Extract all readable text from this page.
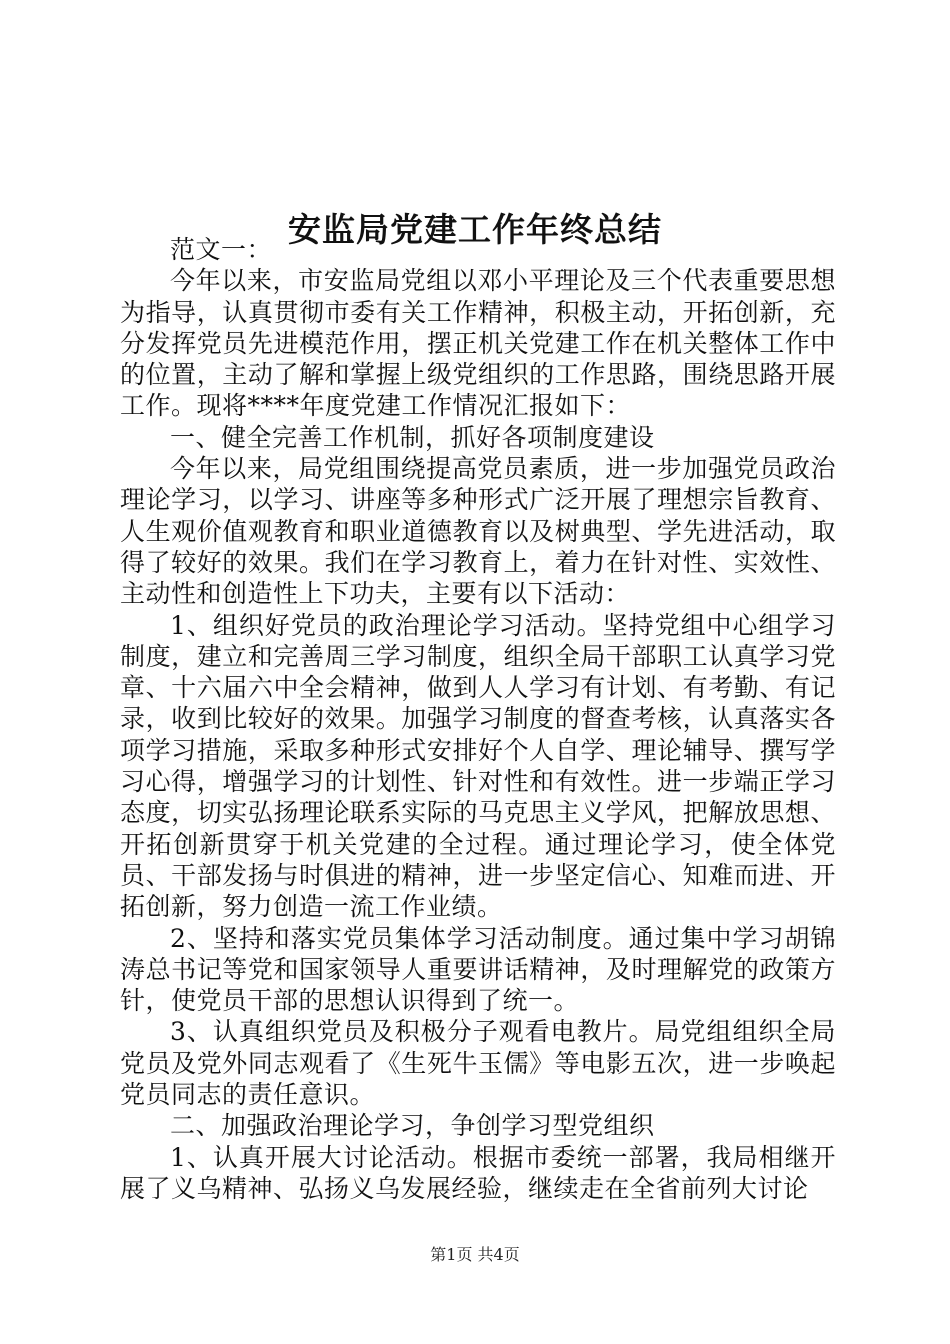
安监局党建工作年终总结

范文一：

今年以来，市安监局党组以邓小平理论及三个代表重要思想为指导，认真贯彻市委有关工作精神，积极主动，开拓创新，充分发挥党员先进模范作用，摆正机关党建工作在机关整体工作中的位置，主动了解和掌握上级党组织的工作思路，围绕思路开展工作。现将****年度党建工作情况汇报如下：

一、健全完善工作机制，抓好各项制度建设

今年以来，局党组围绕提高党员素质，进一步加强党员政治理论学习，以学习、讲座等多种形式广泛开展了理想宗旨教育、人生观价值观教育和职业道德教育以及树典型、学先进活动，取得了较好的效果。我们在学习教育上，着力在针对性、实效性、主动性和创造性上下功夫，主要有以下活动：

1、组织好党员的政治理论学习活动。坚持党组中心组学习制度，建立和完善周三学习制度，组织全局干部职工认真学习党章、十六届六中全会精神，做到人人学习有计划、有考勤、有记录，收到比较好的效果。加强学习制度的督查考核，认真落实各项学习措施，采取多种形式安排好个人自学、理论辅导、撰写学习心得，增强学习的计划性、针对性和有效性。进一步端正学习态度，切实弘扬理论联系实际的马克思主义学风，把解放思想、开拓创新贯穿于机关党建的全过程。通过理论学习，使全体党员、干部发扬与时俱进的精神，进一步坚定信心、知难而进、开拓创新，努力创造一流工作业绩。

2、坚持和落实党员集体学习活动制度。通过集中学习胡锦涛总书记等党和国家领导人重要讲话精神，及时理解党的政策方针，使党员干部的思想认识得到了统一。

3、认真组织党员及积极分子观看电教片。局党组组织全局党员及党外同志观看了《生死牛玉儒》等电影五次，进一步唤起党员同志的责任意识。

二、加强政治理论学习，争创学习型党组织

1、认真开展大讨论活动。根据市委统一部署，我局相继开展了义乌精神、弘扬义乌发展经验，继续走在全省前列大讨论

第1页 共4页
